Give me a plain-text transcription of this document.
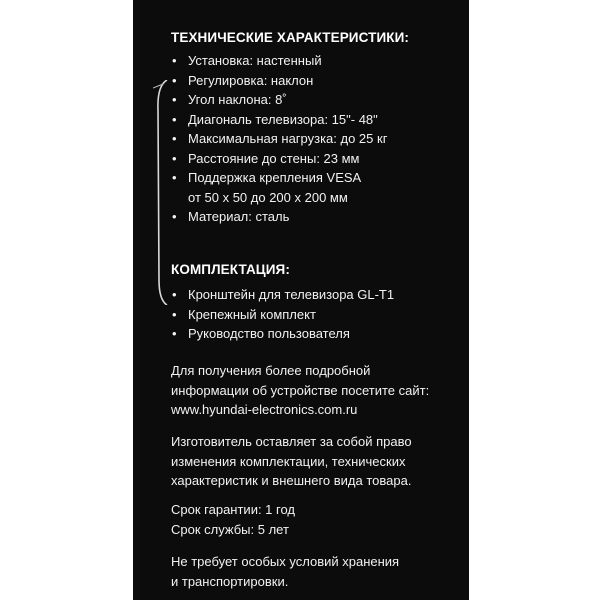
ТЕХНИЧЕСКИЕ ХАРАКТЕРИСТИКИ:
• Установка: настенный
• Регулировка: наклон
• Угол наклона: 8˚
• Диагональ телевизора: 15"- 48"
• Максимальная нагрузка: до 25 кг
• Расстояние до стены: 23 мм
• Поддержка крепления VESA
от 50 х 50 до 200 х 200 мм
• Материал: сталь
КОМПЛЕКТАЦИЯ:
• Кронштейн для телевизора GL-T1
• Крепежный комплект
• Руководство пользователя

Для получения более подробной
информации об устройстве посетите сайт:
www.hyundai-electronics.com.ru

Изготовитель оставляет за собой право
изменения комплектации, технических
характеристик и внешнего вида товара.

Срок гарантии: 1 год
Срок службы: 5 лет

Не требует особых условий хранения
и транспортировки.
